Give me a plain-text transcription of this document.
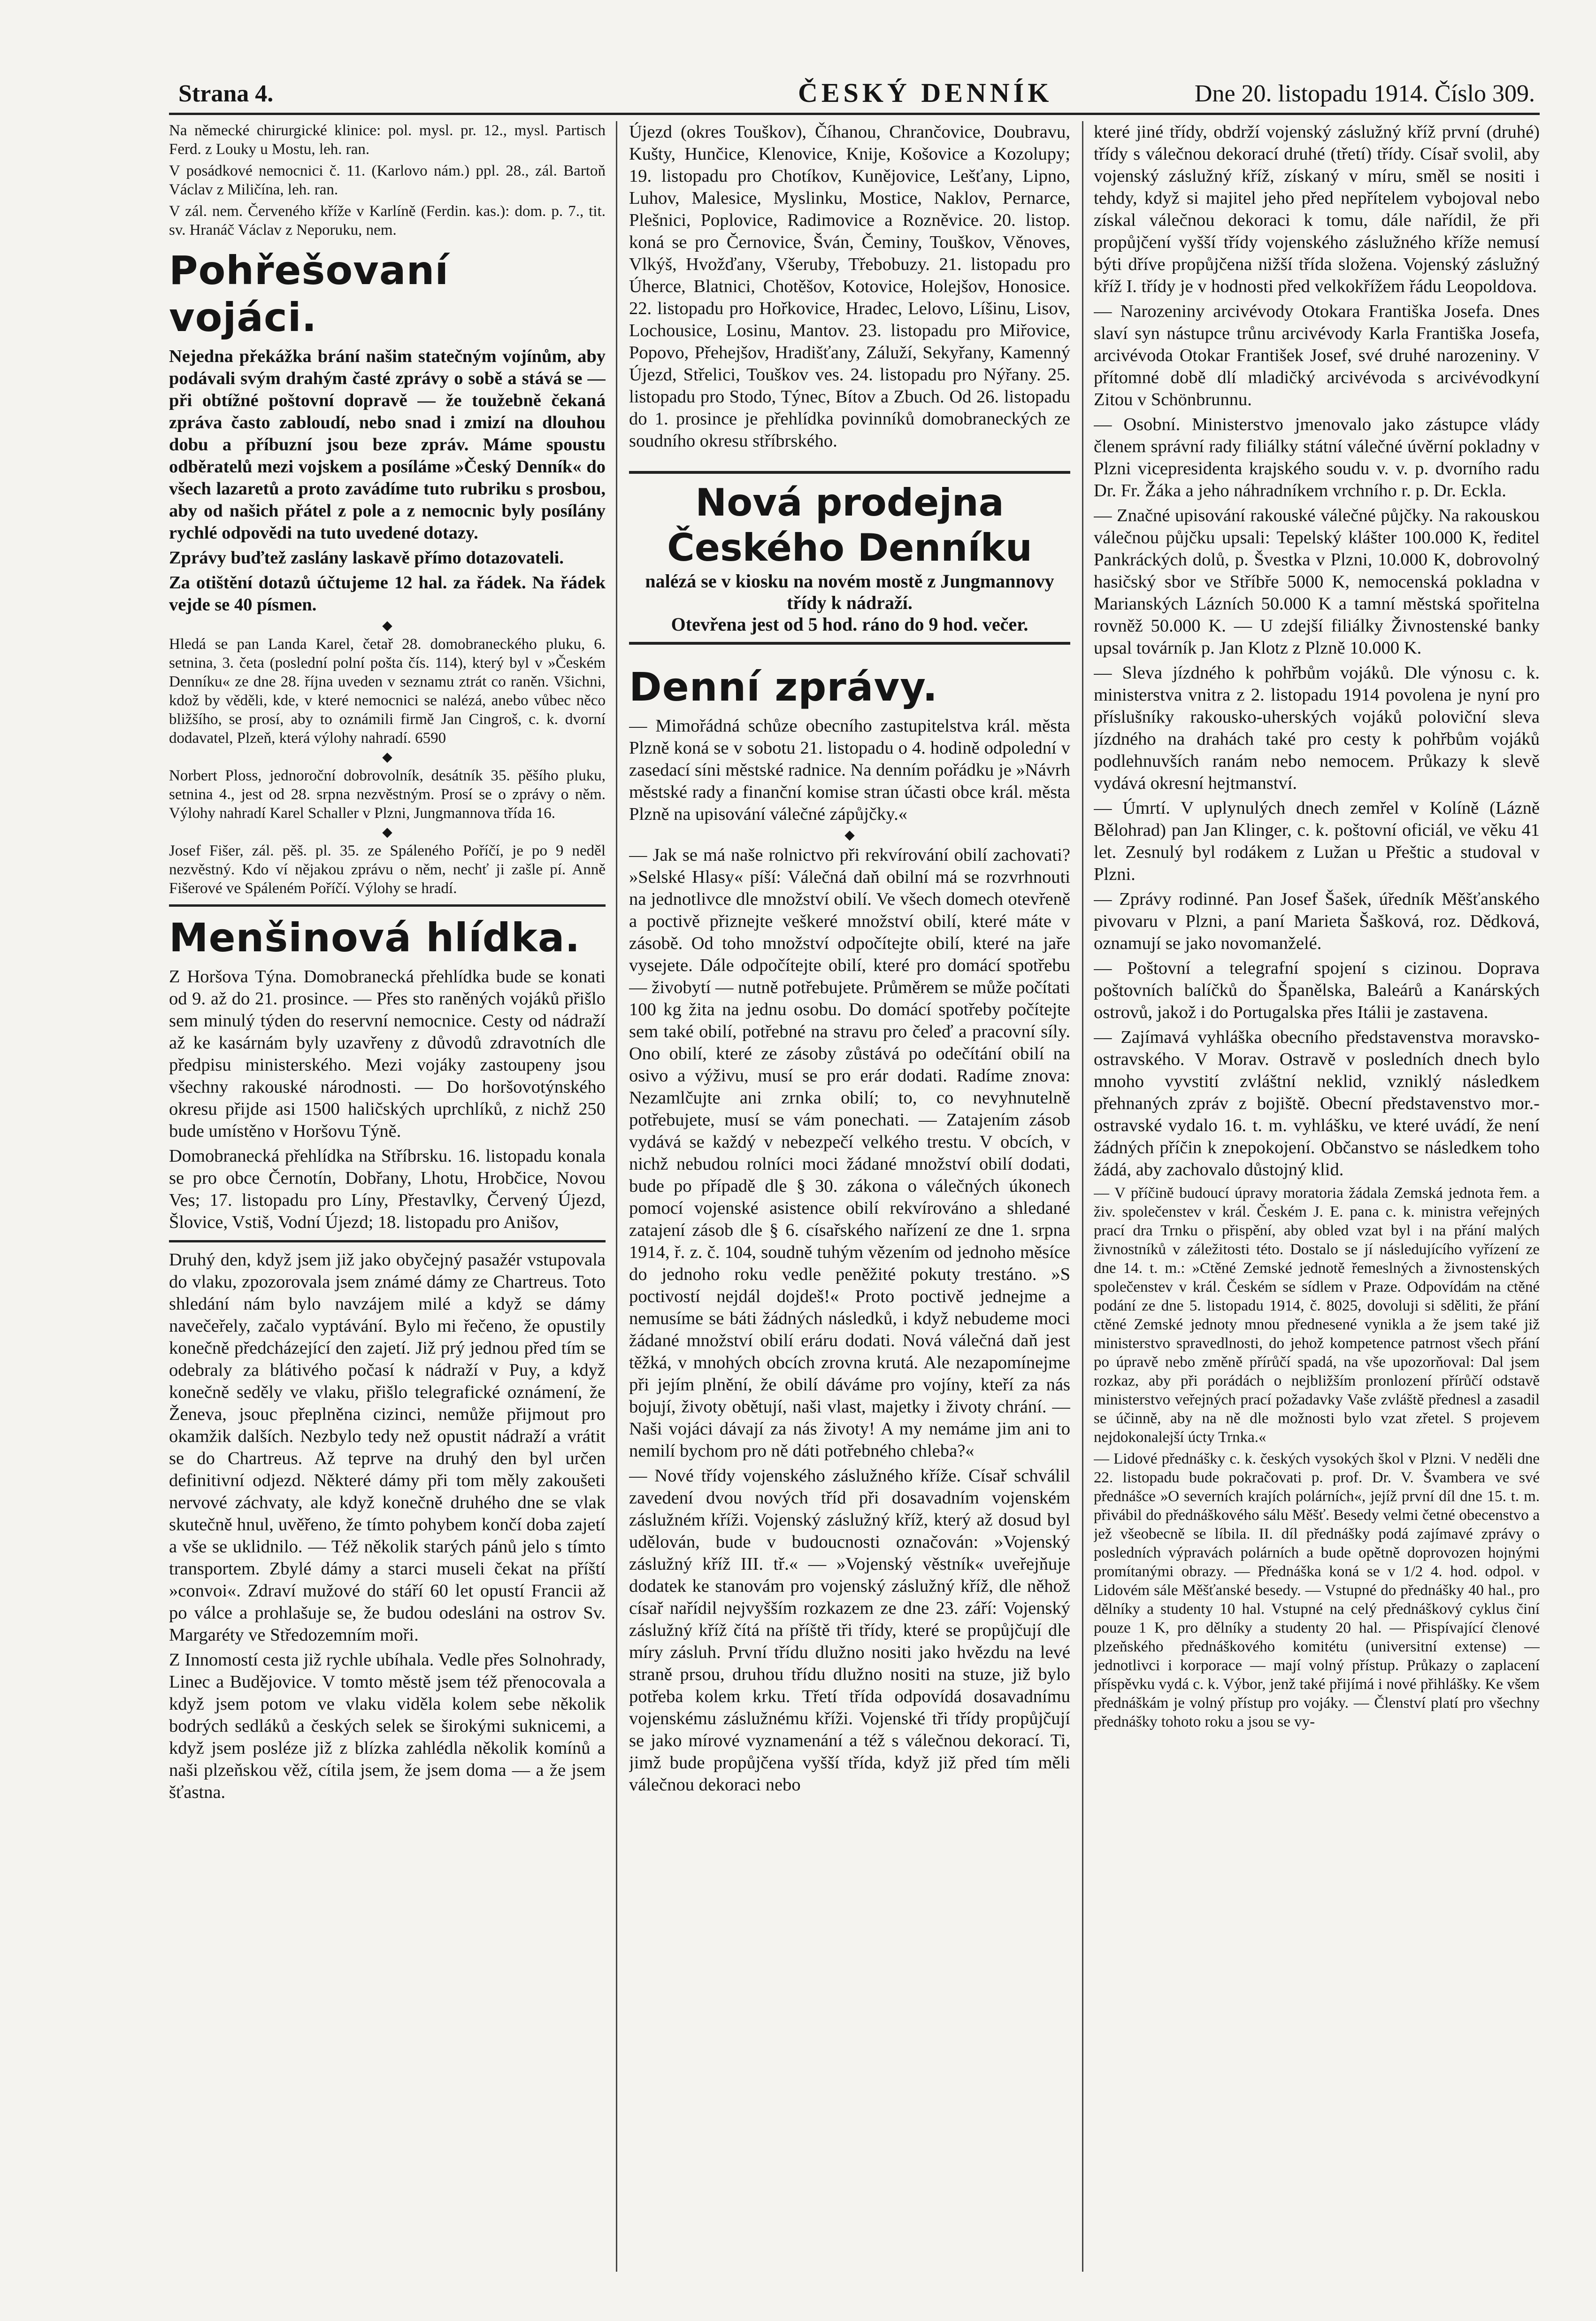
Strana 4.	ČESKÝ DENNÍK	Dne 20. listopadu 1914. Číslo 309.

Na německé chirurgické klinice: pol. mysl. pr. 12., mysl. Partisch Ferd. z Louky u Mostu, leh. ran.

V posádkové nemocnici č. 11. (Karlovo nám.) ppl. 28., zál. Bartoň Václav z Miličína, leh. ran.

V zál. nem. Červeného kříže v Karlíně (Ferdin. kas.): dom. p. 7., tit. sv. Hranáč Václav z Neporuku, nem.

Pohřešovaní vojáci.

Nejedna překážka brání našim statečným vojínům, aby podávali svým drahým časté zprávy o sobě a stává se — při obtížné poštovní dopravě — že toužebně čekaná zpráva často zabloudí, nebo snad i zmizí na dlouhou dobu a příbuzní jsou beze zpráv. Máme spoustu odběratelů mezi vojskem a posíláme »Český Denník« do všech lazaretů a proto zavádíme tuto rubriku s prosbou, aby od našich přátel z pole a z nemocnic byly posílány rychlé odpovědi na tuto uvedené dotazy.

Zprávy buďtež zaslány laskavě přímo dotazovateli.

Za otištění dotazů účtujeme 12 hal. za řádek. Na řádek vejde se 40 písmen.

◆

Hledá se pan Landa Karel, četař 28. domobraneckého pluku, 6. setnina, 3. četa (poslední polní pošta čís. 114), který byl v »Českém Denníku« ze dne 28. října uveden v seznamu ztrát co raněn. Všichni, kdož by věděli, kde, v které nemocnici se nalézá, anebo vůbec něco bližšího, se prosí, aby to oznámili firmě Jan Cingroš, c. k. dvorní dodavatel, Plzeň, která výlohy nahradí. 6590

◆

Norbert Ploss, jednoroční dobrovolník, desátník 35. pěšího pluku, setnina 4., jest od 28. srpna nezvěstným. Prosí se o zprávy o něm. Výlohy nahradí Karel Schaller v Plzni, Jungmannova třída 16.

◆

Josef Fišer, zál. pěš. pl. 35. ze Spáleného Poříčí, je po 9 neděl nezvěstný. Kdo ví nějakou zprávu o něm, nechť ji zašle pí. Anně Fišerové ve Spáleném Poříčí. Výlohy se hradí.

Menšinová hlídka.

Z Horšova Týna. Domobranecká přehlídka bude se konati od 9. až do 21. prosince. — Přes sto raněných vojáků přišlo sem minulý týden do reservní nemocnice. Cesty od nádraží až ke kasárnám byly uzavřeny z důvodů zdravotních dle předpisu ministerského. Mezi vojáky zastoupeny jsou všechny rakouské národnosti. — Do horšovotýnského okresu přijde asi 1500 haličských uprchlíků, z nichž 250 bude umístěno v Horšovu Týně.

Domobranecká přehlídka na Stříbrsku. 16. listopadu konala se pro obce Černotín, Dobřany, Lhotu, Hrobčice, Novou Ves; 17. listopadu pro Líny, Přestavlky, Červený Újezd, Šlovice, Vstiš, Vodní Újezd; 18. listopadu pro Anišov,

Druhý den, když jsem již jako obyčejný pasažér vstupovala do vlaku, zpozorovala jsem známé dámy ze Chartreus. Toto shledání nám bylo navzájem milé a když se dámy navečeřely, začalo vyptávání. Bylo mi řečeno, že opustily konečně předcházející den zajetí. Již prý jednou před tím se odebraly za blátivého počasí k nádraží v Puy, a když konečně seděly ve vlaku, přišlo telegrafické oznámení, že Ženeva, jsouc přeplněna cizinci, nemůže přijmout pro okamžik dalších. Nezbylo tedy než opustit nádraží a vrátit se do Chartreus. Až teprve na druhý den byl určen definitivní odjezd. Některé dámy při tom měly zakoušeti nervové záchvaty, ale když konečně druhého dne se vlak skutečně hnul, uvěřeno, že tímto pohybem končí doba zajetí a vše se uklidnilo. — Též několik starých pánů jelo s tímto transportem. Zbylé dámy a starci museli čekat na příští »convoi«. Zdraví mužové do stáří 60 let opustí Francii až po válce a prohlašuje se, že budou odesláni na ostrov Sv. Margaréty ve Středozemním moři.

Z Innomostí cesta již rychle ubíhala. Vedle přes Solnohrady, Linec a Budějovice. V tomto městě jsem též přenocovala a když jsem potom ve vlaku viděla kolem sebe několik bodrých sedláků a českých selek se širokými suknicemi, a když jsem posléze již z blízka zahlédla několik komínů a naši plzeňskou věž, cítila jsem, že jsem doma — a že jsem šťastna.

Újezd (okres Touškov), Číhanou, Chrančovice, Doubravu, Kušty, Hunčice, Klenovice, Knije, Košovice a Kozolupy; 19. listopadu pro Chotíkov, Kunějovice, Lešťany, Lipno, Luhov, Malesice, Myslinku, Mostice, Naklov, Pernarce, Plešnici, Poplovice, Radimovice a Rozněvice. 20. listop. koná se pro Černovice, Šván, Čeminy, Touškov, Věnoves, Vlkýš, Hvožďany, Všeruby, Třebobuzy. 21. listopadu pro Úherce, Blatnici, Chotěšov, Kotovice, Holejšov, Honosice. 22. listopadu pro Hořkovice, Hradec, Lelovo, Líšinu, Lisov, Lochousice, Losinu, Mantov. 23. listopadu pro Miřovice, Popovo, Přehejšov, Hradišťany, Záluží, Sekyřany, Kamenný Újezd, Střelici, Touškov ves. 24. listopadu pro Nýřany. 25. listopadu pro Stodo, Týnec, Bítov a Zbuch. Od 26. listopadu do 1. prosince je přehlídka povinníků domobraneckých ze soudního okresu stříbrského.

Nová prodejna Českého Denníku
nalézá se v kiosku na novém mostě z Jungmannovy třídy k nádraží.
Otevřena jest od 5 hod. ráno do 9 hod. večer.
Denní zprávy.

— Mimořádná schůze obecního zastupitelstva král. města Plzně koná se v sobotu 21. listopadu o 4. hodině odpolední v zasedací síni městské radnice. Na denním pořádku je »Návrh městské rady a finanční komise stran účasti obce král. města Plzně na upisování válečné zápůjčky.«

◆

— Jak se má naše rolnictvo při rekvírování obilí zachovati? »Selské Hlasy« píší: Válečná daň obilní má se rozvrhnouti na jednotlivce dle množství obilí. Ve všech domech otevřeně a poctivě přiznejte veškeré množství obilí, které máte v zásobě. Od toho množství odpočítejte obilí, které na jaře vysejete. Dále odpočítejte obilí, které pro domácí spotřebu — živobytí — nutně potřebujete. Průměrem se může počítati 100 kg žita na jednu osobu. Do domácí spotřeby počítejte sem také obilí, potřebné na stravu pro čeleď a pracovní síly. Ono obilí, které ze zásoby zůstává po odečítání obilí na osivo a výživu, musí se pro erár dodati. Radíme znova: Nezamlčujte ani zrnka obilí; to, co nevyhnutelně potřebujete, musí se vám ponechati. — Zatajením zásob vydává se každý v nebezpečí velkého trestu. V obcích, v nichž nebudou rolníci moci žádané množství obilí dodati, bude po případě dle § 30. zákona o válečných úkonech pomocí vojenské asistence obilí rekvírováno a shledané zatajení zásob dle § 6. císařského nařízení ze dne 1. srpna 1914, ř. z. č. 104, soudně tuhým vězením od jednoho měsíce do jednoho roku vedle peněžité pokuty trestáno. »S poctivostí nejdál dojdeš!« Proto poctivě jednejme a nemusíme se báti žádných následků, i když nebudeme moci žádané množství obilí eráru dodati. Nová válečná daň jest těžká, v mnohých obcích zrovna krutá. Ale nezapomínejme při jejím plnění, že obilí dáváme pro vojíny, kteří za nás bojují, životy obětují, naši vlast, majetky i životy chrání. — Naši vojáci dávají za nás životy! A my nemáme jim ani to nemilí bychom pro ně dáti potřebného chleba?«

— Nové třídy vojenského záslužného kříže. Císař schválil zavedení dvou nových tříd při dosavadním vojenském záslužném kříži. Vojenský záslužný kříž, který až dosud byl udělován, bude v budoucnosti označován: »Vojenský záslužný kříž III. tř.« — »Vojenský věstník« uveřejňuje dodatek ke stanovám pro vojenský záslužný kříž, dle něhož císař nařídil nejvyšším rozkazem ze dne 23. září: Vojenský záslužný kříž čítá na příště tři třídy, které se propůjčují dle míry zásluh. První třídu dlužno nositi jako hvězdu na levé straně prsou, druhou třídu dlužno nositi na stuze, již bylo potřeba kolem krku. Třetí třída odpovídá dosavadnímu vojenskému záslužnému kříži. Vojenské tři třídy propůjčují se jako mírové vyznamenání a též s válečnou dekorací. Ti, jimž bude propůjčena vyšší třída, když již před tím měli válečnou dekoraci nebo

které jiné třídy, obdrží vojenský záslužný kříž první (druhé) třídy s válečnou dekorací druhé (třetí) třídy. Císař svolil, aby vojenský záslužný kříž, získaný v míru, směl se nositi i tehdy, když si majitel jeho před nepřítelem vybojoval nebo získal válečnou dekoraci k tomu, dále nařídil, že při propůjčení vyšší třídy vojenského záslužného kříže nemusí býti dříve propůjčena nižší třída složena. Vojenský záslužný kříž I. třídy je v hodnosti před velkokřížem řádu Leopoldova.

— Narozeniny arcivévody Otokara Františka Josefa. Dnes slaví syn nástupce trůnu arcivévody Karla Františka Josefa, arcivévoda Otokar František Josef, své druhé narozeniny. V přítomné době dlí mladičký arcivévoda s arcivévodkyní Zitou v Schönbrunnu.

— Osobní. Ministerstvo jmenovalo jako zástupce vlády členem správní rady filiálky státní válečné úvěrní pokladny v Plzni vicepresidenta krajského soudu v. v. p. dvorního radu Dr. Fr. Žáka a jeho náhradníkem vrchního r. p. Dr. Eckla.

— Značné upisování rakouské válečné půjčky. Na rakouskou válečnou půjčku upsali: Tepelský klášter 100.000 K, ředitel Pankráckých dolů, p. Švestka v Plzni, 10.000 K, dobrovolný hasičský sbor ve Stříbře 5000 K, nemocenská pokladna v Marianských Lázních 50.000 K a tamní městská spořitelna rovněž 50.000 K. — U zdejší filiálky Živnostenské banky upsal továrník p. Jan Klotz z Plzně 10.000 K.

— Sleva jízdného k pohřbům vojáků. Dle výnosu c. k. ministerstva vnitra z 2. listopadu 1914 povolena je nyní pro příslušníky rakousko-uherských vojáků poloviční sleva jízdného na drahách také pro cesty k pohřbům vojáků podlehnuvších ranám nebo nemocem. Průkazy k slevě vydává okresní hejtmanství.

— Úmrtí. V uplynulých dnech zemřel v Kolíně (Lázně Bělohrad) pan Jan Klinger, c. k. poštovní oficiál, ve věku 41 let. Zesnulý byl rodákem z Lužan u Přeštic a studoval v Plzni.

— Zprávy rodinné. Pan Josef Šašek, úředník Měšťanského pivovaru v Plzni, a paní Marieta Šašková, roz. Dědková, oznamují se jako novomanželé.

— Poštovní a telegrafní spojení s cizinou. Doprava poštovních balíčků do Španělska, Baleárů a Kanárských ostrovů, jakož i do Portugalska přes Itálii je zastavena.

— Zajímavá vyhláška obecního představenstva moravsko-ostravského. V Morav. Ostravě v posledních dnech bylo mnoho vyvstití zvláštní neklid, vzniklý následkem přehnaných zpráv z bojiště. Obecní představenstvo mor.-ostravské vydalo 16. t. m. vyhlášku, ve které uvádí, že není žádných příčin k znepokojení. Občanstvo se následkem toho žádá, aby zachovalo důstojný klid.

— V příčině budoucí úpravy moratoria žádala Zemská jednota řem. a živ. společenstev v král. Českém J. E. pana c. k. ministra veřejných prací dra Trnku o přispění, aby obled vzat byl i na přání malých živnostníků v záležitosti této. Dostalo se jí následujícího vyřízení ze dne 14. t. m.: »Ctěné Zemské jednotě řemeslných a živnostenských společenstev v král. Českém se sídlem v Praze. Odpovídám na ctěné podání ze dne 5. listopadu 1914, č. 8025, dovoluji si sděliti, že přání ctěné Zemské jednoty mnou přednesené vynikla a že jsem také již ministerstvo spravedlnosti, do jehož kompetence patrnost všech přání po úpravě nebo změně přírůčí spadá, na vše upozorňoval: Dal jsem rozkaz, aby při porádách o nejbližším pronlození přírůčí odstavě ministerstvo veřejných prací požadavky Vaše zvláště přednesl a zasadil se účinně, aby na ně dle možnosti bylo vzat zřetel. S projevem nejdokonalejší úcty Trnka.«

— Lidové přednášky c. k. českých vysokých škol v Plzni. V neděli dne 22. listopadu bude pokračovati p. prof. Dr. V. Švambera ve své přednášce »O severních krajích polárních«, jejíž první díl dne 15. t. m. přivábil do přednáškového sálu Měšť. Besedy velmi četné obecenstvo a jež všeobecně se líbila. II. díl přednášky podá zajímavé zprávy o posledních výpravách polárních a bude opětně doprovozen hojnými promítanými obrazy. — Přednáška koná se v 1/2 4. hod. odpol. v Lidovém sále Měšťanské besedy. — Vstupné do přednášky 40 hal., pro dělníky a studenty 10 hal. Vstupné na celý přednáškový cyklus činí pouze 1 K, pro dělníky a studenty 20 hal. — Přispívající členové plzeňského přednáškového komitétu (universitní extense) — jednotlivci i korporace — mají volný přístup. Průkazy o zaplacení příspěvku vydá c. k. Výbor, jenž také přijímá i nové přihlášky. Ke všem přednáškám je volný přístup pro vojáky. — Členství platí pro všechny přednášky tohoto roku a jsou se vy-
